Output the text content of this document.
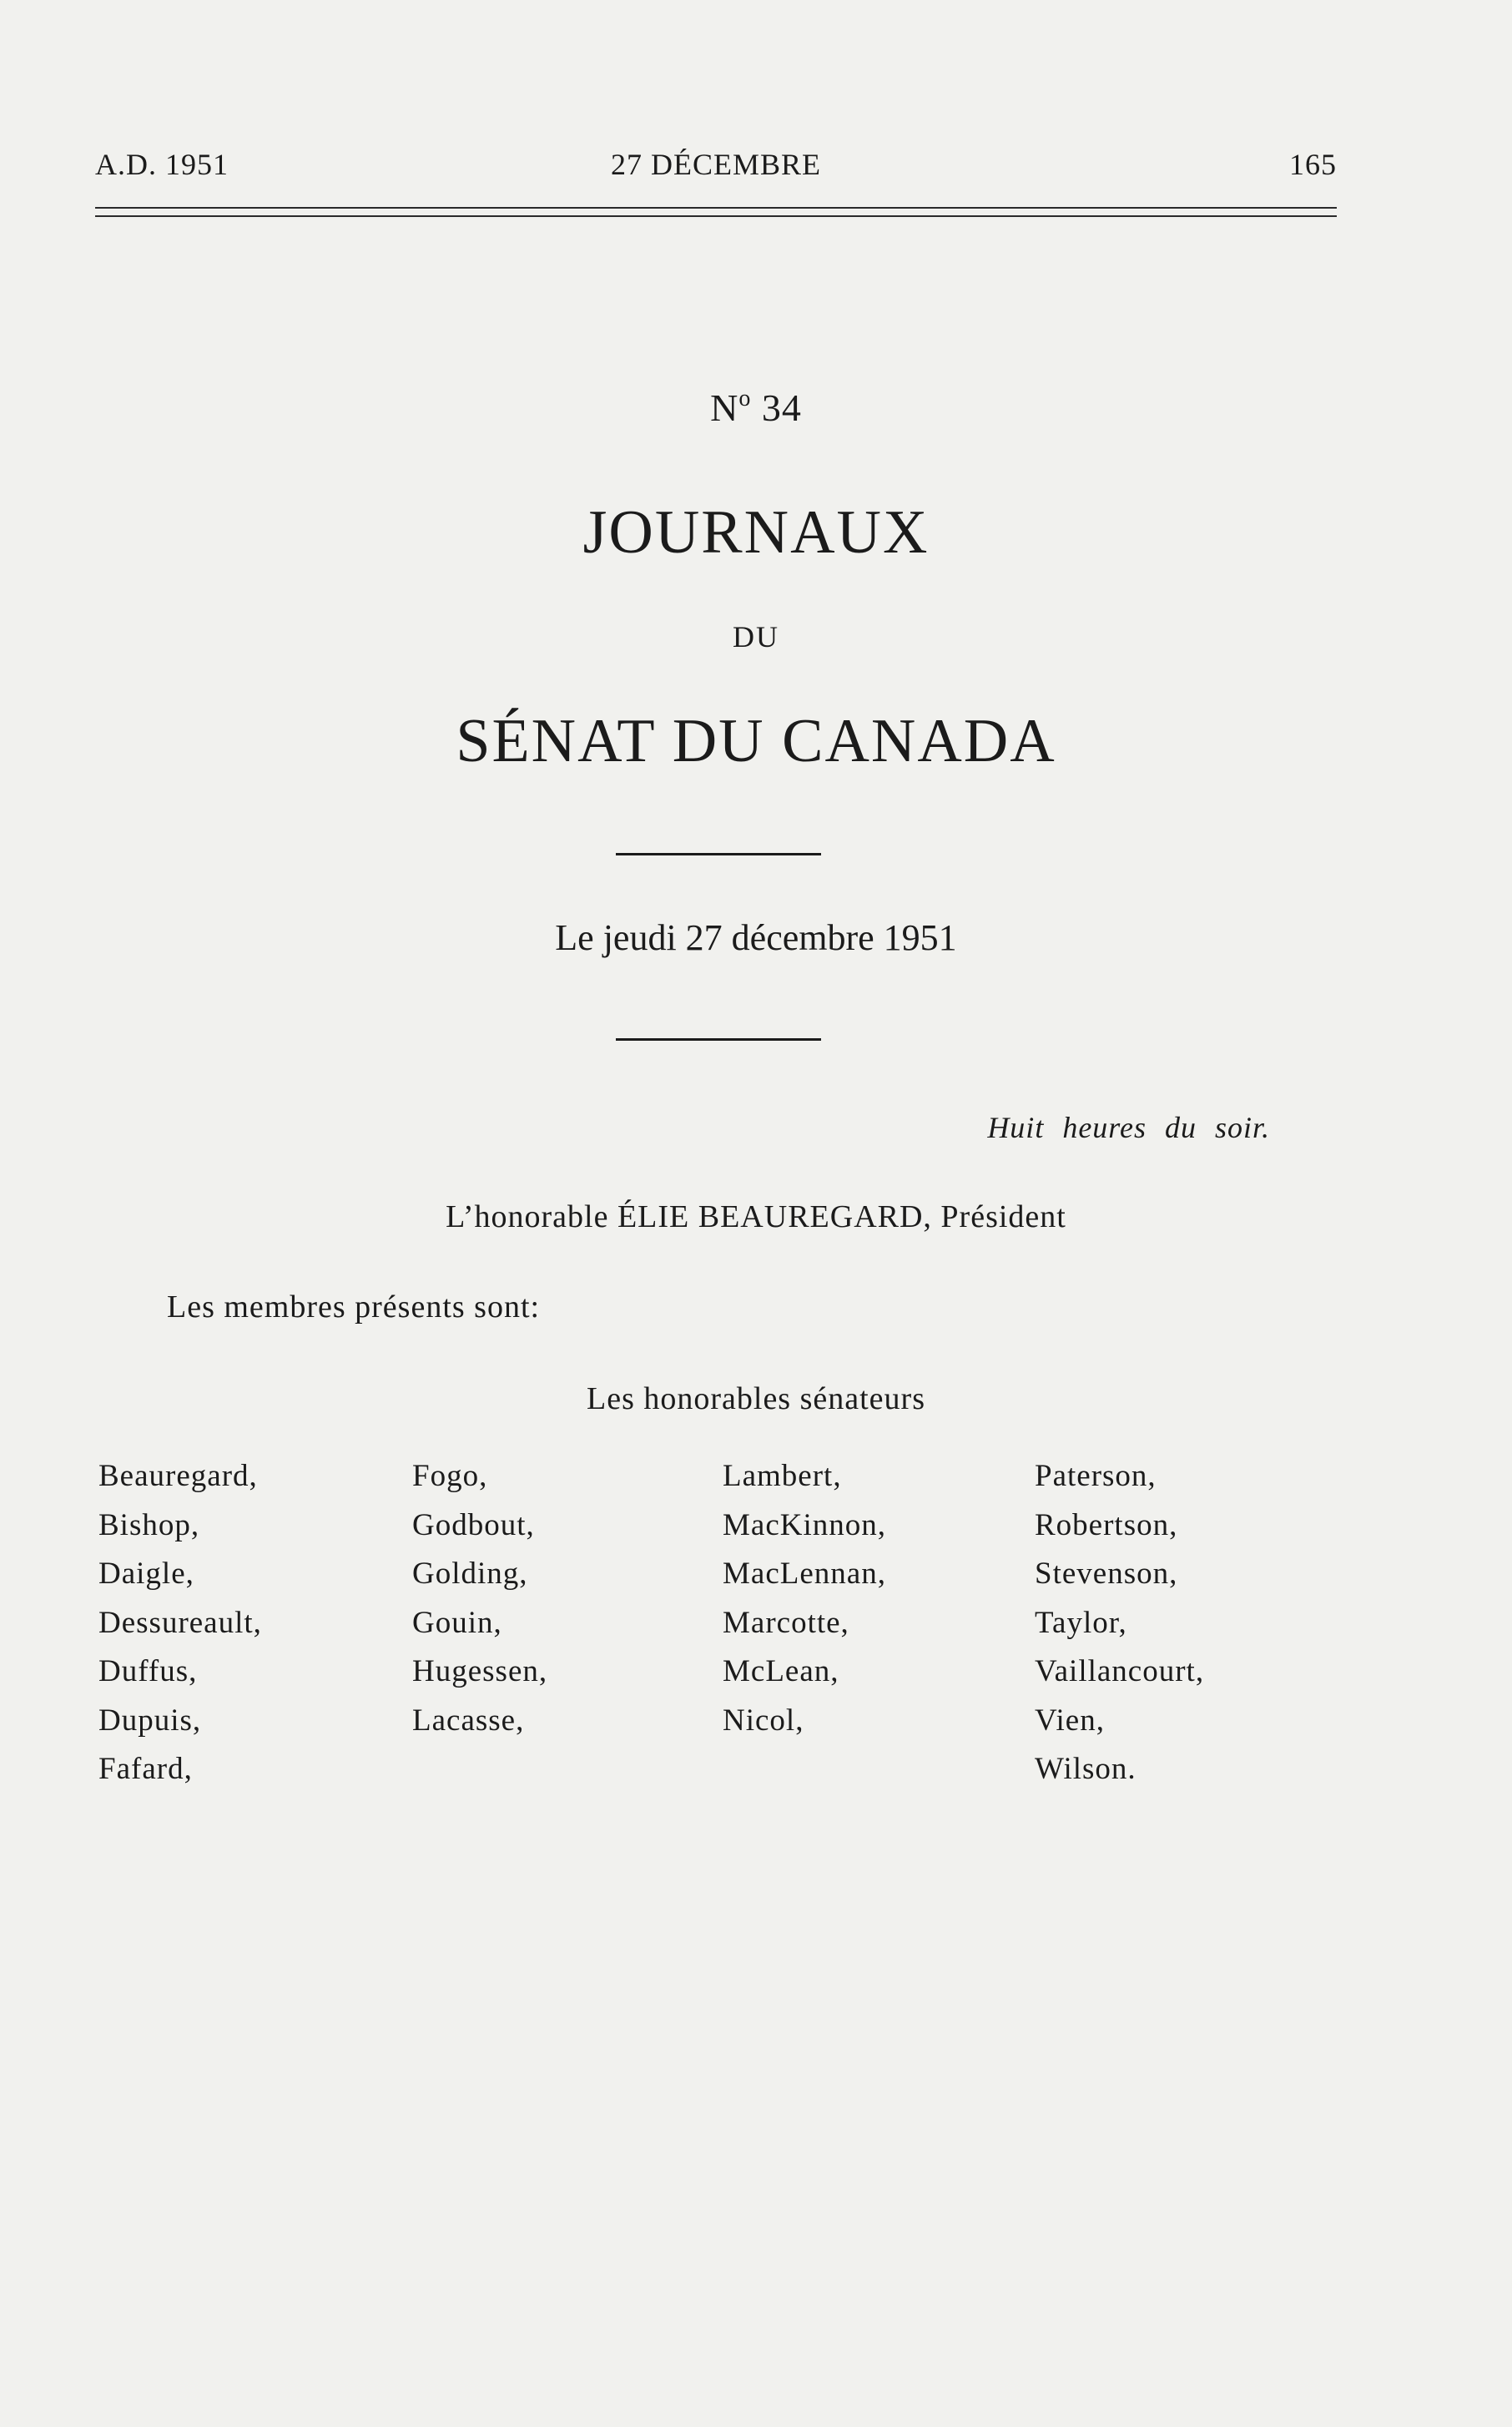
A.D. 1951	27 DÉCEMBRE	165
$N^o$ 34
JOURNAUX
DU
SÉNAT DU CANADA
Le jeudi 27 décembre 1951
Huit heures du soir.
L’honorable ÉLIE BEAUREGARD, Président
Les membres présents sont:
Les honorables sénateurs
Beauregard,
Bishop,
Daigle,
Dessureault,
Duffus,
Dupuis,
Fafard,
Fogo,
Godbout,
Golding,
Gouin,
Hugessen,
Lacasse,
Lambert,
MacKinnon,
MacLennan,
Marcotte,
McLean,
Nicol,
Paterson,
Robertson,
Stevenson,
Taylor,
Vaillancourt,
Vien,
Wilson.
